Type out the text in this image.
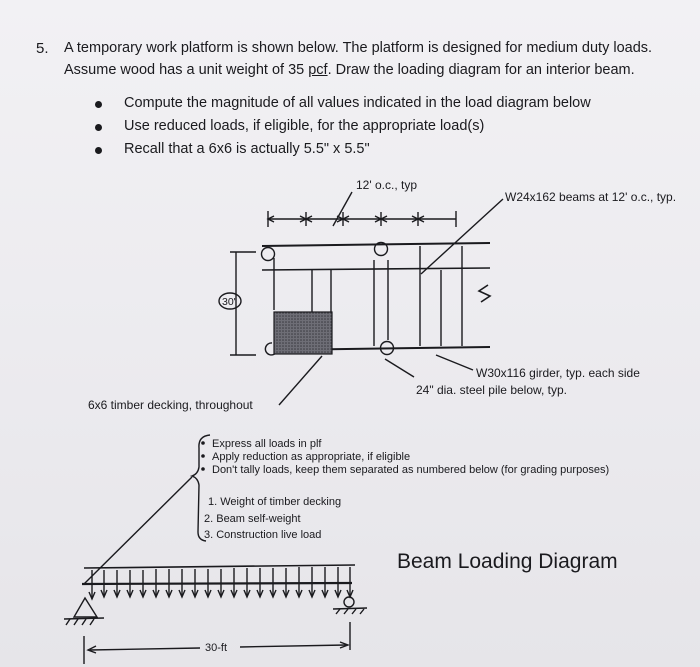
5. A temporary work platform is shown below. The platform is designed for medium duty loads.
Assume wood has a unit weight of 35 pcf. Draw the loading diagram for an interior beam.
Compute the magnitude of all values indicated in the load diagram below
Use reduced loads, if eligible, for the appropriate load(s)
Recall that a 6x6 is actually 5.5" x 5.5"
12' o.c., typ
W24x162 beams at 12' o.c., typ.
30'
W30x116 girder, typ. each side
24" dia. steel pile below, typ.
6x6 timber decking, throughout
Express all loads in plf
Apply reduction as appropriate, if eligible
Don't tally loads, keep them separated as numbered below (for grading purposes)
1. Weight of timber decking
2. Beam self-weight
3. Construction live load
30-ft
Beam Loading Diagram
